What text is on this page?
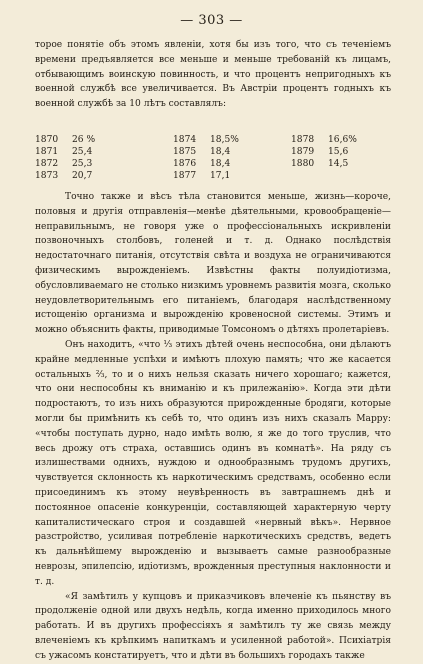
— 303 —

торое понятіе объ этомъ явленіи, хотя бы изъ того, что съ теченіемъ времени предъявляется все меньше и меньше требованій къ лицамъ, отбывающимъ воинскую повинность, и что процентъ непригодныхъ къ военной службѣ все увеличивается. Въ Австріи процентъ годныхъ къ военной службѣ за 10 лѣтъ составлялъ:

1870	26 %	1874	18,5%	1878	16,6%
1871	25,4	1875	18,4	1879	15,6
1872	25,3	1876	18,4	1880	14,5
1873	20,7	1877	17,1

Точно также и вѣсъ тѣла становится меньше, жизнь—короче, половыя и другія отправленія—менѣе дѣятельными, кровообращеніе—неправильнымъ, не говоря уже о профессіональныхъ искривленіи позвоночныхъ столбовъ, голеней и т. д. Однако послѣдствія недостаточнаго питанія, отсутствія свѣта и воздуха не ограничиваются физическимъ вырожденіемъ. Извѣстны факты полуидіотизма, обусловливаемаго не столько низкимъ уровнемъ развитія мозга, сколько неудовлетворительнымъ его питаніемъ, благодаря наслѣдственному истощенію организма и вырожденію кровеносной системы. Этимъ и можно объяснить факты, приводимые Томсономъ о дѣтяхъ пролетаріевъ.

Онъ находитъ, «что ⅓ этихъ дѣтей очень неспособна, они дѣлаютъ крайне медленные успѣхи и имѣютъ плохую память; что же касается остальныхъ ⅔, то и о нихъ нельзя сказать ничего хорошаго; кажется, что они неспособны къ вниманію и къ прилежанію». Когда эти дѣти подростаютъ, то изъ нихъ образуются прирожденные бродяги, которые могли бы примѣнить къ себѣ то, что одинъ изъ нихъ сказалъ Марру: «чтобы поступать дурно, надо имѣть волю, я же до того труслив, что весь дрожу отъ страха, оставшись одинъ въ комнатѣ». На ряду съ излишествами однихъ, нуждою и однообразнымъ трудомъ другихъ, чувствуется склонность къ наркотическимъ средствамъ, особенно если присоединимъ къ этому неувѣренность въ завтрашнемъ днѣ и постоянное опасеніе конкуренціи, составляющей характерную черту капиталистическаго строя и создавшей «нервный вѣкъ». Нервное разстройство, усиливая потребленіе наркотическихъ средствъ, ведетъ къ дальнѣйшему вырожденію и вызываетъ самые разнообразные неврозы, эпилепсію, идіотизмъ, врожденныя преступныя наклонности и т. д.

«Я замѣтилъ у купцовъ и приказчиковъ влеченіе къ пьянству въ продолженіе одной или двухъ недѣль, когда именно приходилось много работать. И въ другихъ профессіяхъ я замѣтилъ ту же связь между влеченіемъ къ крѣпкимъ напиткамъ и усиленной работой». Психіатрія съ ужасомъ констатируетъ, что и дѣти въ большихъ городахъ также
